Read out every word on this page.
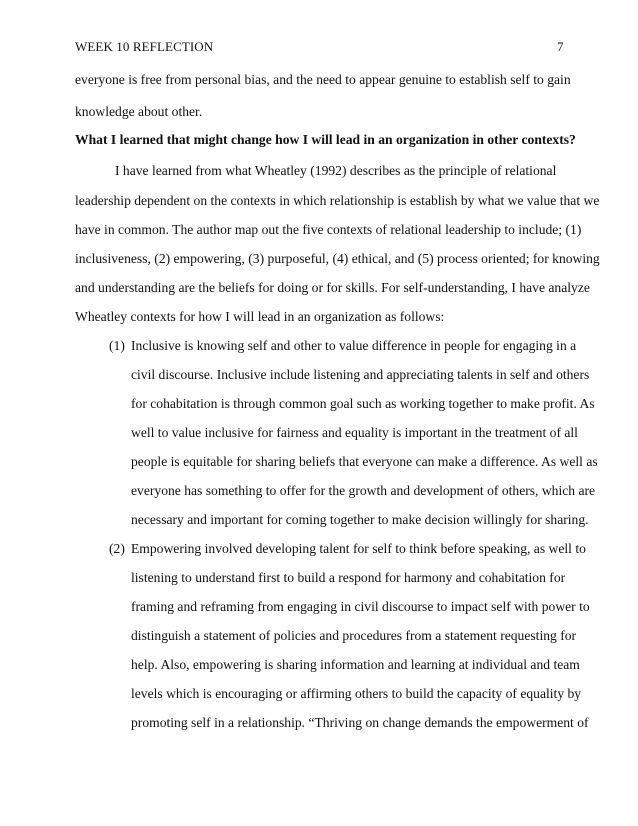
WEEK 10 REFLECTION	7
everyone is free from personal bias, and the need to appear genuine to establish self to gain
knowledge about other.
What I learned that might change how I will lead in an organization in other contexts?
I have learned from what Wheatley (1992) describes as the principle of relational
leadership dependent on the contexts in which relationship is establish by what we value that we
have in common. The author map out the five contexts of relational leadership to include; (1)
inclusiveness, (2) empowering, (3) purposeful, (4) ethical, and (5) process oriented; for knowing
and understanding are the beliefs for doing or for skills. For self-understanding, I have analyze
Wheatley contexts for how I will lead in an organization as follows:
(1) Inclusive is knowing self and other to value difference in people for engaging in a
civil discourse. Inclusive include listening and appreciating talents in self and others
for cohabitation is through common goal such as working together to make profit. As
well to value inclusive for fairness and equality is important in the treatment of all
people is equitable for sharing beliefs that everyone can make a difference. As well as
everyone has something to offer for the growth and development of others, which are
necessary and important for coming together to make decision willingly for sharing.
(2) Empowering involved developing talent for self to think before speaking, as well to
listening to understand first to build a respond for harmony and cohabitation for
framing and reframing from engaging in civil discourse to impact self with power to
distinguish a statement of policies and procedures from a statement requesting for
help. Also, empowering is sharing information and learning at individual and team
levels which is encouraging or affirming others to build the capacity of equality by
promoting self in a relationship. “Thriving on change demands the empowerment of
